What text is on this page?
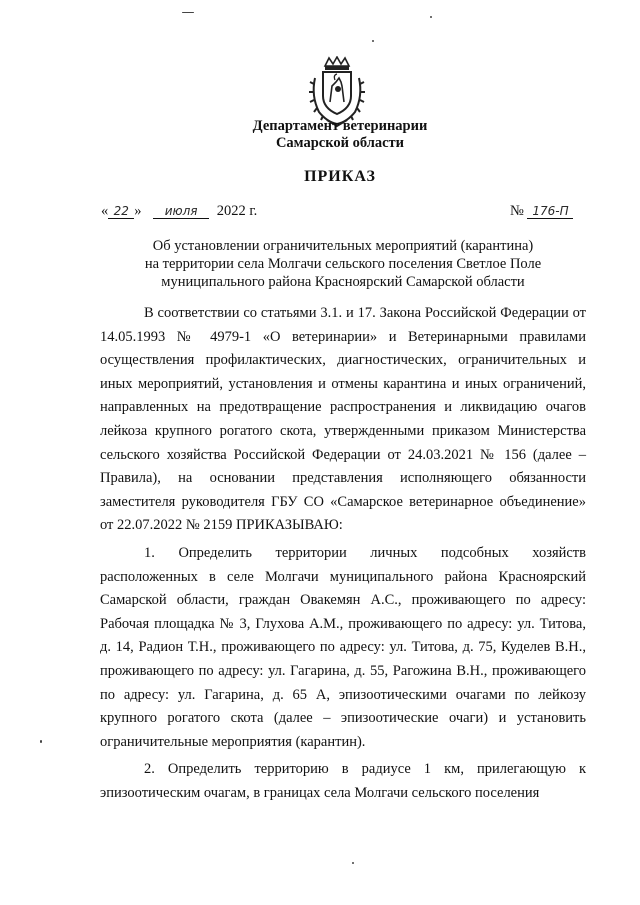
Департамент ветеринарии
Самарской области
ПРИКАЗ
« 22 » июля 2022 г.	№ 176-П
Об установлении ограничительных мероприятий (карантина)
на территории села Молгачи сельского поселения Светлое Поле
муниципального района Красноярский Самарской области

В соответствии со статьями 3.1. и 17. Закона Российской Федерации от 14.05.1993 № 4979-1 «О ветеринарии» и Ветеринарными правилами осуществления профилактических, диагностических, ограничительных и иных мероприятий, установления и отмены карантина и иных ограничений, направленных на предотвращение распространения и ликвидацию очагов лейкоза крупного рогатого скота, утвержденными приказом Министерства сельского хозяйства Российской Федерации от 24.03.2021 № 156 (далее – Правила), на основании представления исполняющего обязанности заместителя руководителя ГБУ СО «Самарское ветеринарное объединение» от 22.07.2022 № 2159 ПРИКАЗЫВАЮ:

1. Определить территории личных подсобных хозяйств расположенных в селе Молгачи муниципального района Красноярский Самарской области, граждан Овакемян А.С., проживающего по адресу: Рабочая площадка № 3, Глухова А.М., проживающего по адресу: ул. Титова, д. 14, Радион Т.Н., проживающего по адресу: ул. Титова, д. 75, Куделев В.Н., проживающего по адресу: ул. Гагарина, д. 55, Рагожина В.Н., проживающего по адресу: ул. Гагарина, д. 65 А, эпизоотическими очагами по лейкозу крупного рогатого скота (далее – эпизоотические очаги) и установить ограничительные мероприятия (карантин).

2. Определить территорию в радиусе 1 км, прилегающую к эпизоотическим очагам, в границах села Молгачи сельского поселения
